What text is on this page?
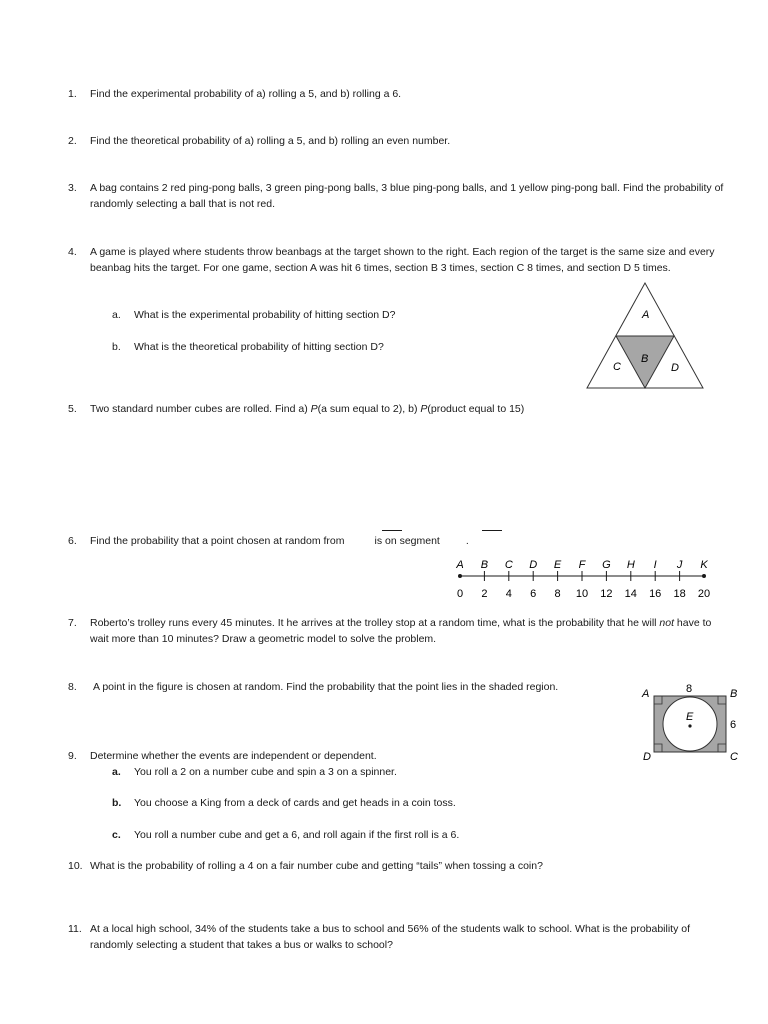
1. Find the experimental probability of a) rolling a 5, and b) rolling a 6.
2. Find the theoretical probability of a) rolling a 5, and b) rolling an even number.
3. A bag contains 2 red ping-pong balls, 3 green ping-pong balls, 3 blue ping-pong balls, and 1 yellow ping-pong ball. Find the probability of randomly selecting a ball that is not red.
4. A game is played where students throw beanbags at the target shown to the right. Each region of the target is the same size and every beanbag hits the target. For one game, section A was hit 6 times, section B 3 times, section C 8 times, and section D 5 times.
a. What is the experimental probability of hitting section D?
b. What is the theoretical probability of hitting section D?
A
B
C	D
5. Two standard number cubes are rolled. Find a) P(a sum equal to 2), b) P(product equal to 15)
6. Find the probability that a point chosen at random from	is on segment .
A
0
B
2
C
4
D
6
E
8
F
10
G
12
H
14
I
16
J
18
K
20
7. Roberto’s trolley runs every 45 minutes. It he arrives at the trolley stop at a random time, what is the probability that he will not have to wait more than 10 minutes? Draw a geometric model to solve the problem.
8. A point in the figure is chosen at random. Find the probability that the point lies in the shaded region.
A	B
C
D
E
8
6
9. Determine whether the events are independent or dependent.
a. You roll a 2 on a number cube and spin a 3 on a spinner.
b. You choose a King from a deck of cards and get heads in a coin toss.
c. You roll a number cube and get a 6, and roll again if the first roll is a 6.
10. What is the probability of rolling a 4 on a fair number cube and getting “tails” when tossing a coin?
11. At a local high school, 34% of the students take a bus to school and 56% of the students walk to school. What is the probability of randomly selecting a student that takes a bus or walks to school?
